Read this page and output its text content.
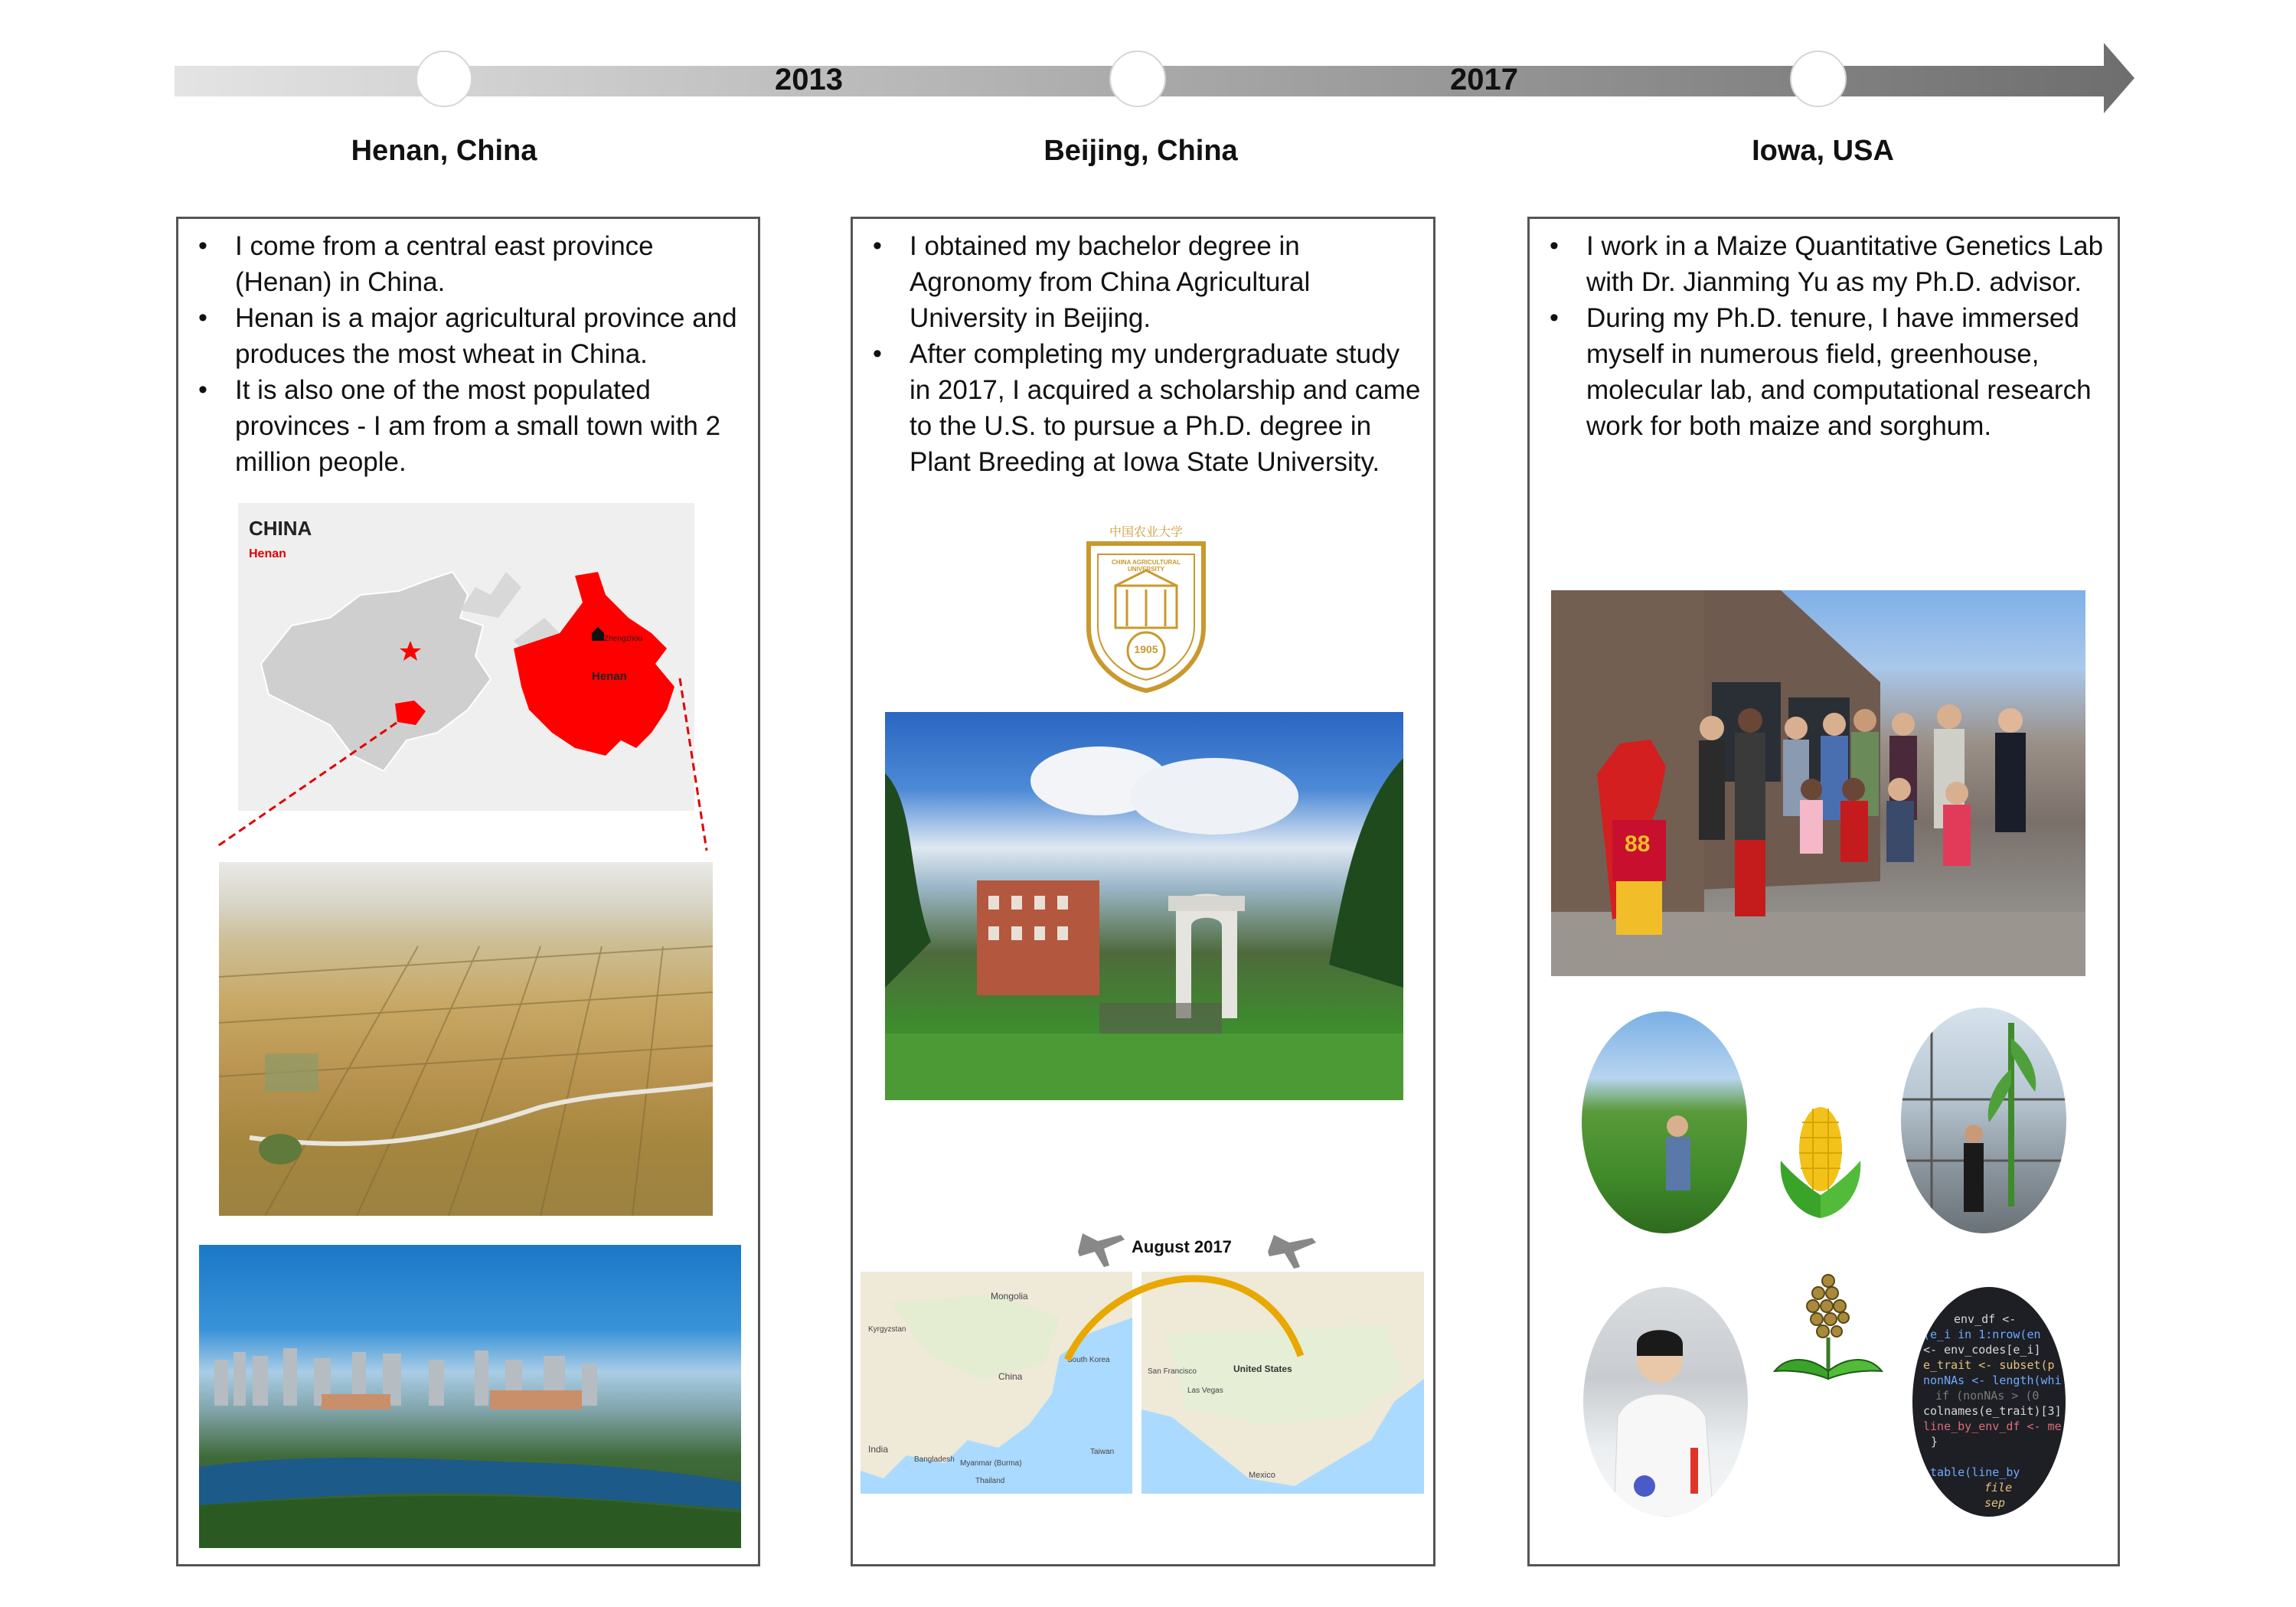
2013	2017
Henan, China	Beijing, China	Iowa, USA
• I come from a central east province (Henan) in China.
• Henan is a major agricultural province and produces the most wheat in China.
• It is also one of the most populated provinces - I am from a small town with 2 million people.
CHINA
Henan
Henan
Zhengzhou
• I obtained my bachelor degree in Agronomy from China Agricultural University in Beijing.
• After completing my undergraduate study in 2017, I acquired a scholarship and came to the U.S. to pursue a Ph.D. degree in Plant Breeding at Iowa State University.
中国农业大学
CHINA AGRICULTURAL UNIVERSITY
1905
Mongolia
China
India
Bangladesh Myanmar (Burma)
Thailand
Taiwan
South Korea
Kyrgyzstan
San Francisco
Las Vegas
United States
Mexico
August 2017
• I work in a Maize Quantitative Genetics Lab with Dr. Jianming Yu as my Ph.D. advisor.
• During my Ph.D. tenure, I have immersed myself in numerous field, greenhouse, molecular lab, and computational research work for both maize and sorghum.
88
env_df <-
(e_i in 1:nrow(en
<- env_codes[e_i]
e_trait <- subset(p
nonNAs <- length(whi
if (nonNAs > (0
colnames(e_trait)[3]
line_by_env_df <- me
}
.table(line_by
file
sep
